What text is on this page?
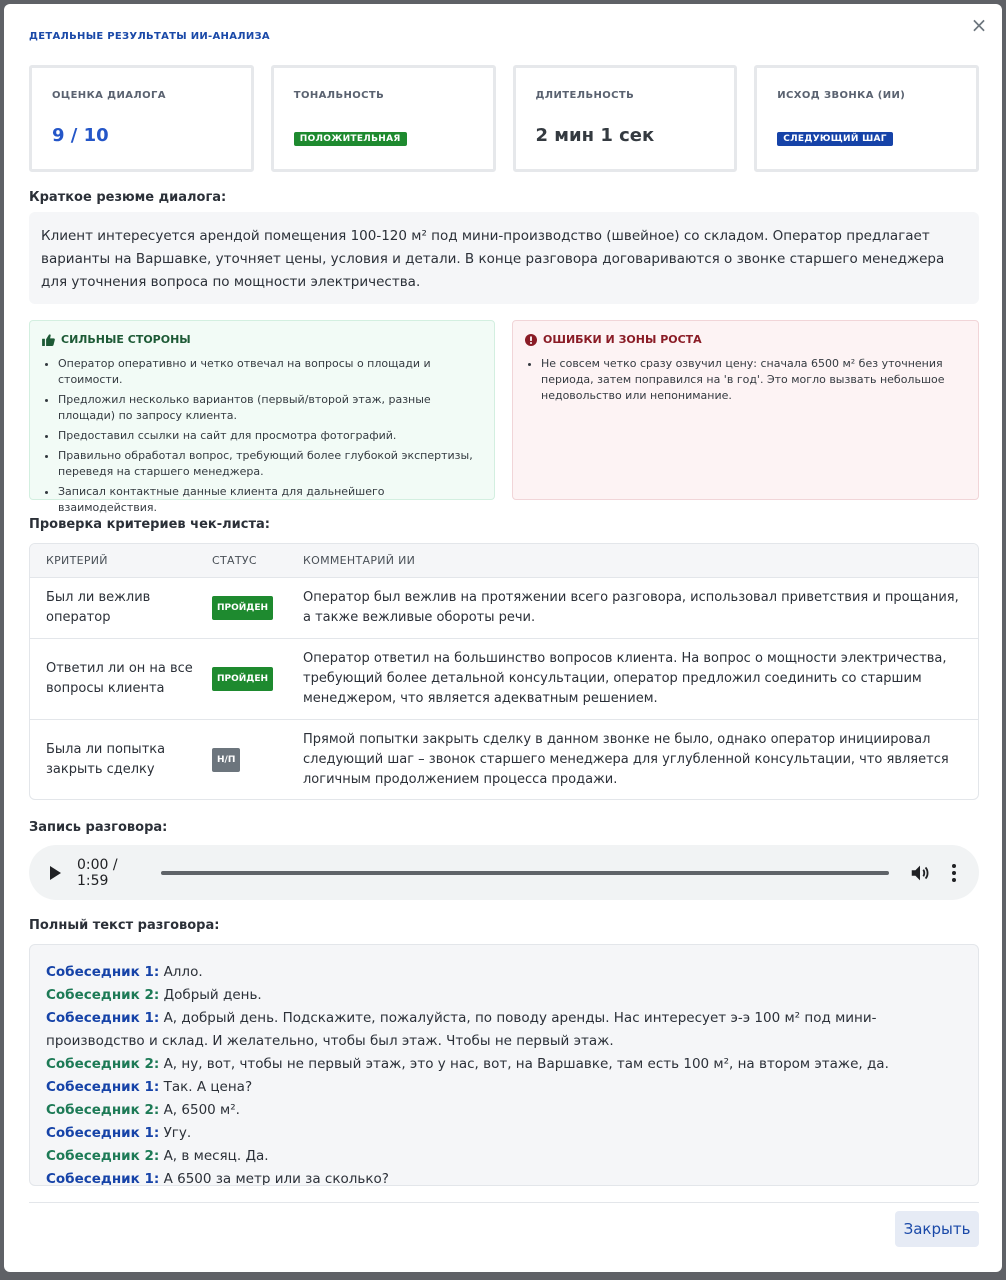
ДЕТАЛЬНЫЕ РЕЗУЛЬТАТЫ ИИ-АНАЛИЗА	×
ОЦЕНКА ДИАЛОГА
9 / 10
ТОНАЛЬНОСТЬ
ПОЛОЖИТЕЛЬНАЯ
ДЛИТЕЛЬНОСТЬ
2 мин 1 сек
ИСХОД ЗВОНКА (ИИ)
СЛЕДУЮЩИЙ ШАГ
Краткое резюме диалога:
Клиент интересуется арендой помещения 100-120 м² под мини-производство (швейное) со складом. Оператор предлагает варианты на Варшавке, уточняет цены, условия и детали. В конце разговора договариваются о звонке старшего менеджера для уточнения вопроса по мощности электричества.
СИЛЬНЫЕ СТОРОНЫ
• Оператор оперативно и четко отвечал на вопросы о площади и стоимости.
• Предложил несколько вариантов (первый/второй этаж, разные площади) по запросу клиента.
• Предоставил ссылки на сайт для просмотра фотографий.
• Правильно обработал вопрос, требующий более глубокой экспертизы, переведя на старшего менеджера.
• Записал контактные данные клиента для дальнейшего взаимодействия.
ОШИБКИ И ЗОНЫ РОСТА
• Не совсем четко сразу озвучил цену: сначала 6500 м² без уточнения периода, затем поправился на 'в год'. Это могло вызвать небольшое недовольство или непонимание.
Проверка критериев чек-листа:
КРИТЕРИЙ	СТАТУС	КОММЕНТАРИЙ ИИ
Был ли вежлив оператор	ПРОЙДЕН	Оператор был вежлив на протяжении всего разговора, использовал приветствия и прощания, а также вежливые обороты речи.
Ответил ли он на все вопросы клиента	ПРОЙДЕН	Оператор ответил на большинство вопросов клиента. На вопрос о мощности электричества, требующий более детальной консультации, оператор предложил соединить со старшим менеджером, что является адекватным решением.
Была ли попытка закрыть сделку	Н/П	Прямой попытки закрыть сделку в данном звонке не было, однако оператор инициировал следующий шаг – звонок старшего менеджера для углубленной консультации, что является логичным продолжением процесса продажи.
Запись разговора:
0:00 / 1:59
Полный текст разговора:
Собеседник 1: Алло.
Собеседник 2: Добрый день.
Собеседник 1: А, добрый день. Подскажите, пожалуйста, по поводу аренды. Нас интересует э-э 100 м² под мини-производство и склад. И желательно, чтобы был этаж. Чтобы не первый этаж.
Собеседник 2: А, ну, вот, чтобы не первый этаж, это у нас, вот, на Варшавке, там есть 100 м², на втором этаже, да.
Собеседник 1: Так. А цена?
Собеседник 2: А, 6500 м².
Собеседник 1: Угу.
Собеседник 2: А, в месяц. Да.
Собеседник 1: А 6500 за метр или за сколько?
Закрыть
